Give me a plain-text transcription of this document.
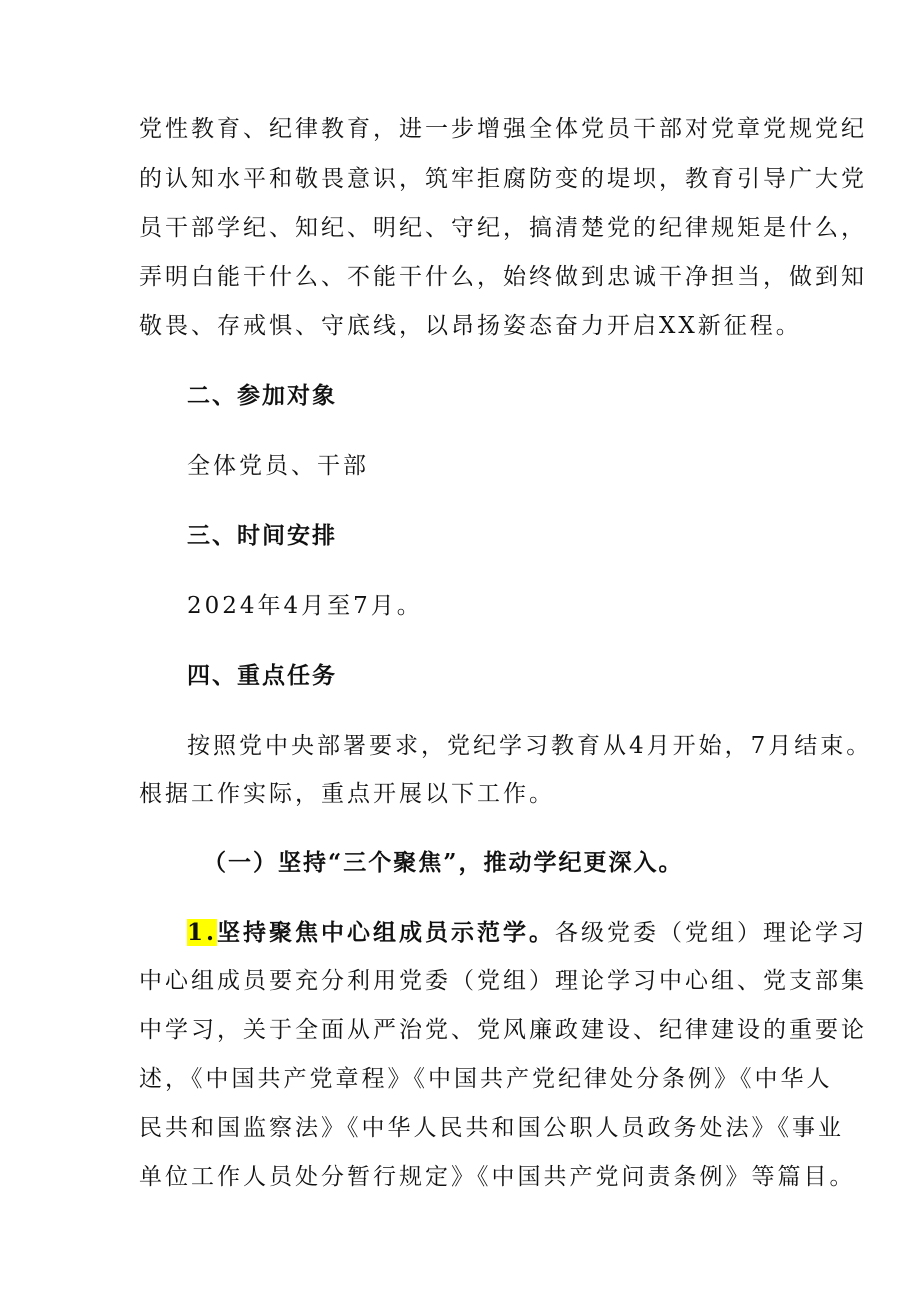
党性教育、纪律教育，进一步增强全体党员干部对党章党规党纪
的认知水平和敬畏意识，筑牢拒腐防变的堤坝，教育引导广大党
员干部学纪、知纪、明纪、守纪，搞清楚党的纪律规矩是什么，
弄明白能干什么、不能干什么，始终做到忠诚干净担当，做到知
敬畏、存戒惧、守底线，以昂扬姿态奋力开启XX新征程。
二、参加对象
全体党员、干部
三、时间安排
2024年4月至7月。
四、重点任务
按照党中央部署要求，党纪学习教育从4月开始，7月结束。
根据工作实际，重点开展以下工作。
（一）坚持“三个聚焦”，推动学纪更深入。
1.坚持聚焦中心组成员示范学。各级党委（党组）理论学习
中心组成员要充分利用党委（党组）理论学习中心组、党支部集
中学习，关于全面从严治党、党风廉政建设、纪律建设的重要论
述，《中国共产党章程》《中国共产党纪律处分条例》《中华人
民共和国监察法》《中华人民共和国公职人员政务处法》《事业
单位工作人员处分暂行规定》《中国共产党问责条例》等篇目。
